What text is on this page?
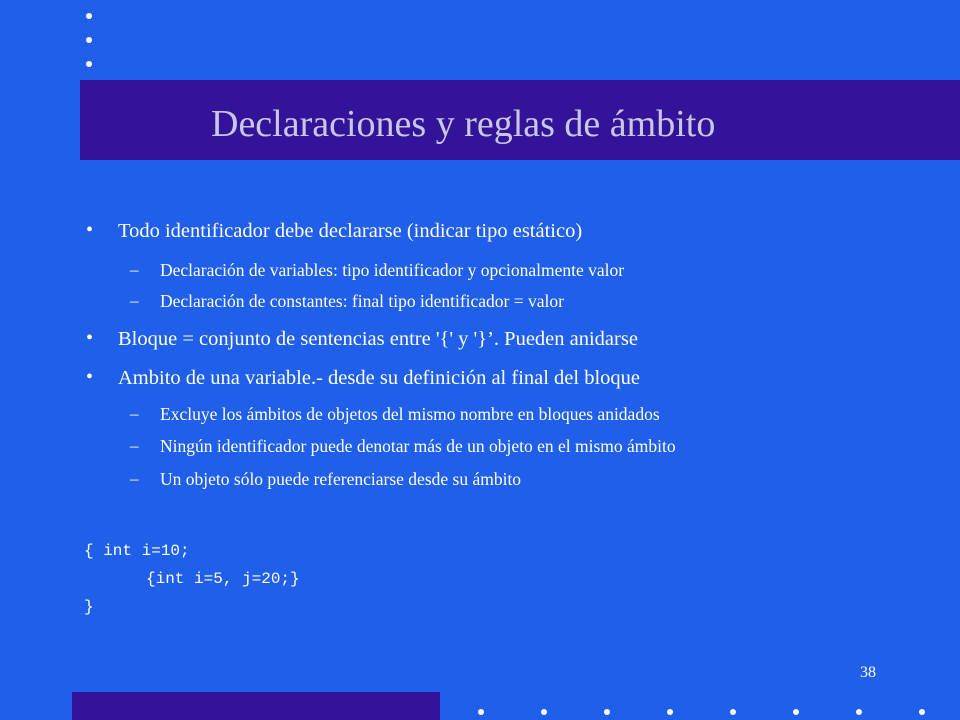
Declaraciones y reglas de ámbito
• Todo identificador debe declararse (indicar tipo estático)
– Declaración de variables: tipo identificador y opcionalmente valor
– Declaración de constantes: final tipo identificador = valor
• Bloque = conjunto de sentencias entre '{' y '}’. Pueden anidarse
• Ambito de una variable.- desde su definición al final del bloque
– Excluye los ámbitos de objetos del mismo nombre en bloques anidados
– Ningún identificador puede denotar más de un objeto en el mismo ámbito
– Un objeto sólo puede referenciarse desde su ámbito
{ int i=10;
{int i=5, j=20;}
}
38
